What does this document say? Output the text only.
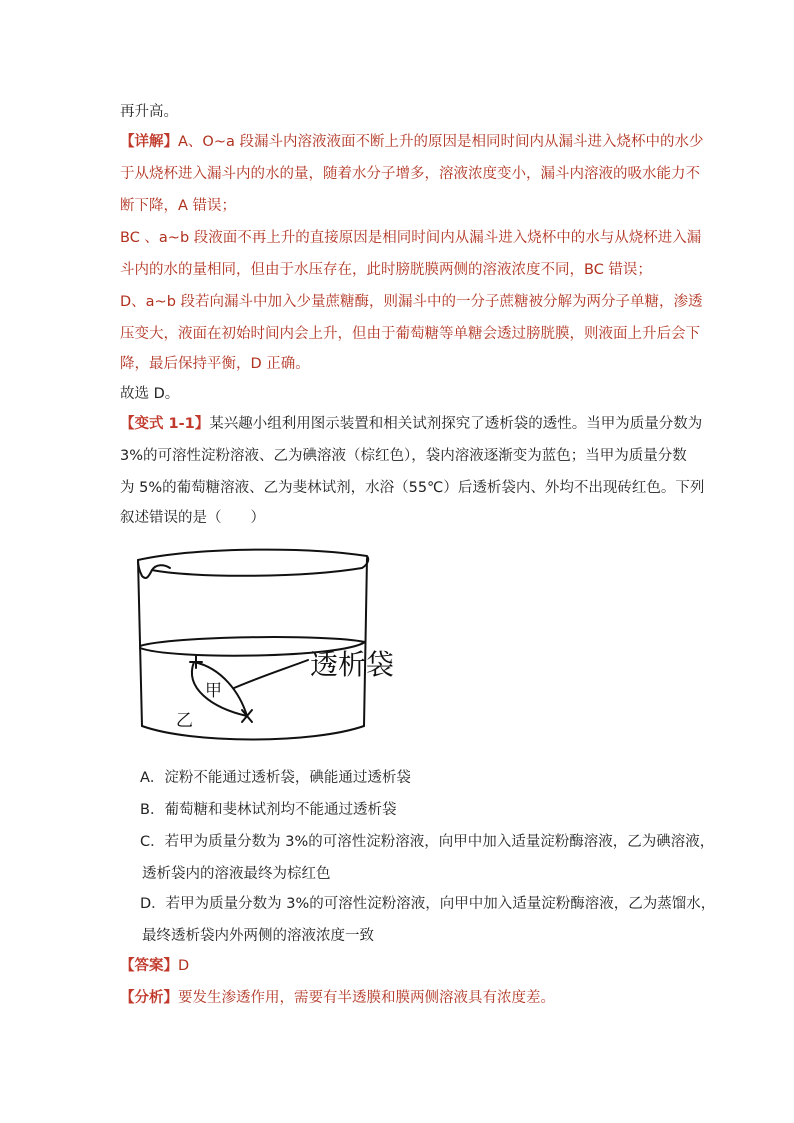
再升高。
【详解】A、O~a 段漏斗内溶液液面不断上升的原因是相同时间内从漏斗进入烧杯中的水少
于从烧杯进入漏斗内的水的量，随着水分子增多，溶液浓度变小，漏斗内溶液的吸水能力不
断下降，A 错误；
BC 、a~b 段液面不再上升的直接原因是相同时间内从漏斗进入烧杯中的水与从烧杯进入漏
斗内的水的量相同，但由于水压存在，此时膀胱膜两侧的溶液浓度不同，BC 错误；
D、a~b 段若向漏斗中加入少量蔗糖酶，则漏斗中的一分子蔗糖被分解为两分子单糖，渗透
压变大，液面在初始时间内会上升，但由于葡萄糖等单糖会透过膀胱膜，则液面上升后会下
降，最后保持平衡，D 正确。
故选 D。
【变式 1-1】某兴趣小组利用图示装置和相关试剂探究了透析袋的透性。当甲为质量分数为
3%的可溶性淀粉溶液、乙为碘溶液（棕红色），袋内溶液逐渐变为蓝色；当甲为质量分数
为 5%的葡萄糖溶液、乙为斐林试剂，水浴（55℃）后透析袋内、外均不出现砖红色。下列
叙述错误的是（　　）
透析袋
甲
乙
A．淀粉不能通过透析袋，碘能通过透析袋
B．葡萄糖和斐林试剂均不能通过透析袋
C．若甲为质量分数为 3%的可溶性淀粉溶液，向甲中加入适量淀粉酶溶液，乙为碘溶液，
透析袋内的溶液最终为棕红色
D．若甲为质量分数为 3%的可溶性淀粉溶液，向甲中加入适量淀粉酶溶液，乙为蒸馏水，
最终透析袋内外两侧的溶液浓度一致
【答案】D
【分析】要发生渗透作用，需要有半透膜和膜两侧溶液具有浓度差。
